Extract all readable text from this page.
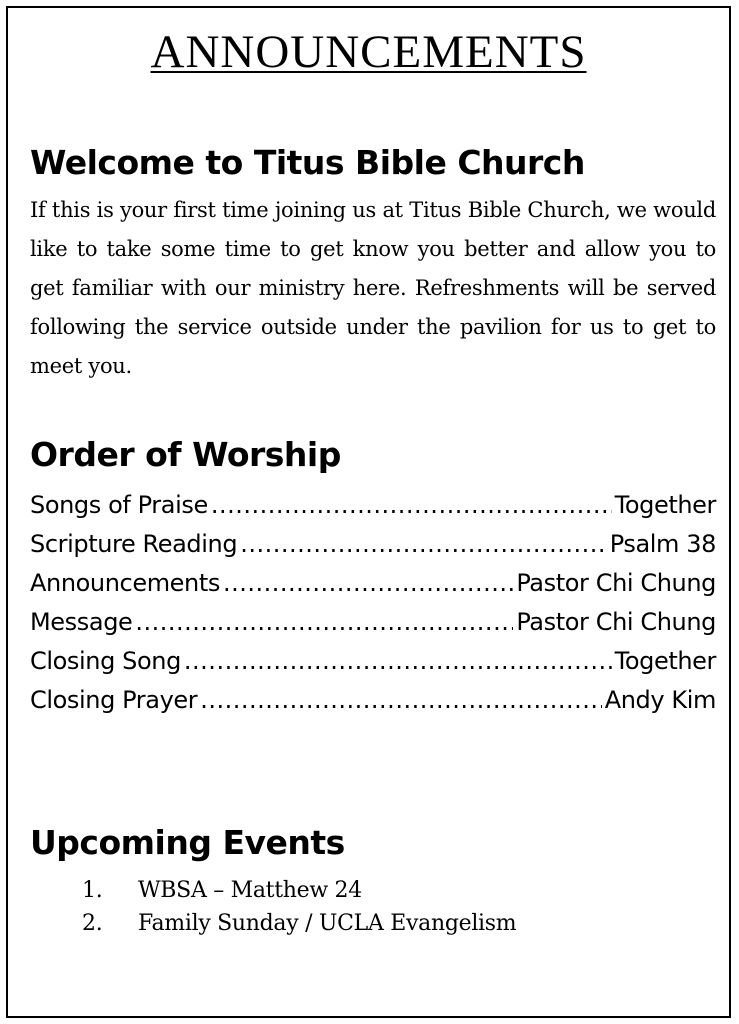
ANNOUNCEMENTS
Welcome to Titus Bible Church
If this is your first time joining us at Titus Bible Church, we would like to take some time to get know you better and allow you to get familiar with our ministry here. Refreshments will be served following the service outside under the pavilion for us to get to meet you.
Order of Worship
Songs of Praise .....	Together
Scripture Reading .....	Psalm 38
Announcements .....	Pastor Chi Chung
Message .....	Pastor Chi Chung
Closing Song .....	Together
Closing Prayer .....	Andy Kim
Upcoming Events
1. WBSA – Matthew 24
2. Family Sunday / UCLA Evangelism
